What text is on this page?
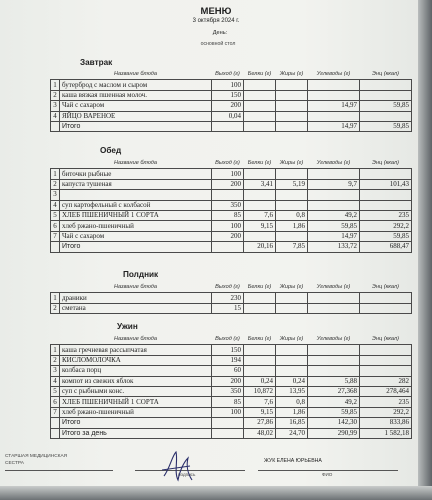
МЕНЮ
3 октября 2024 г.
День:
основной стол
Завтрак
	Название блюда	Выход (г)	Белки (г)	Жиры (г)	Углеводы (г)	Энц (ккал)
1	бутерброд с маслом и сыром	100				
2	каша вязкая пшенная молоч.	150				
3	Чай с сахаром	200			14,97	59,85
4	ЯЙЦО ВАРЕНОЕ	0,04				
	Итого				14,97	59,85
Обед
	Название блюда	Выход (г)	Белки (г)	Жиры (г)	Углеводы (г)	Энц (ккал)
1	биточки рыбные	100				
2	капуста тушеная	200	3,41	5,19	9,7	101,43
3						
4	суп картофельный с колбасой	350				
5	ХЛЕБ ПШЕНИЧНЫЙ 1 СОРТА	85	7,6	0,8	49,2	235
6	хлеб ржано-пшеничный	100	9,15	1,86	59,85	292,2
7	Чай с сахаром	200			14,97	59,85
	Итого		20,16	7,85	133,72	688,47
Полдник
	Название блюда	Выход (г)	Белки (г)	Жиры (г)	Углеводы (г)	Энц (ккал)
1	драники	230				
2	сметана	15				
Ужин
	Название блюда	Выход (г)	Белки (г)	Жиры (г)	Углеводы (г)	Энц (ккал)
1	каша гречневая рассыпчатая	150				
2	КИСЛОМОЛОЧКА	194				
3	колбаса порц	60				
4	компот из свежих яблок	200	0,24	0,24	5,88	282
5	суп с рыбными конс.	350	10,872	13,95	27,368	278,464
6	ХЛЕБ ПШЕНИЧНЫЙ 1 СОРТА	85	7,6	0,8	49,2	235
7	хлеб ржано-пшеничный	100	9,15	1,86	59,85	292,2
	Итого		27,86	16,85	142,30	833,86
	Итого за день		48,02	24,70	290,99	1 582,18
СТАРШАЯ МЕДИЦИНСКАЯ
СЕСТРА
подпись
ЖУК ЕЛЕНА ЮРЬЕВНА
ФИО
